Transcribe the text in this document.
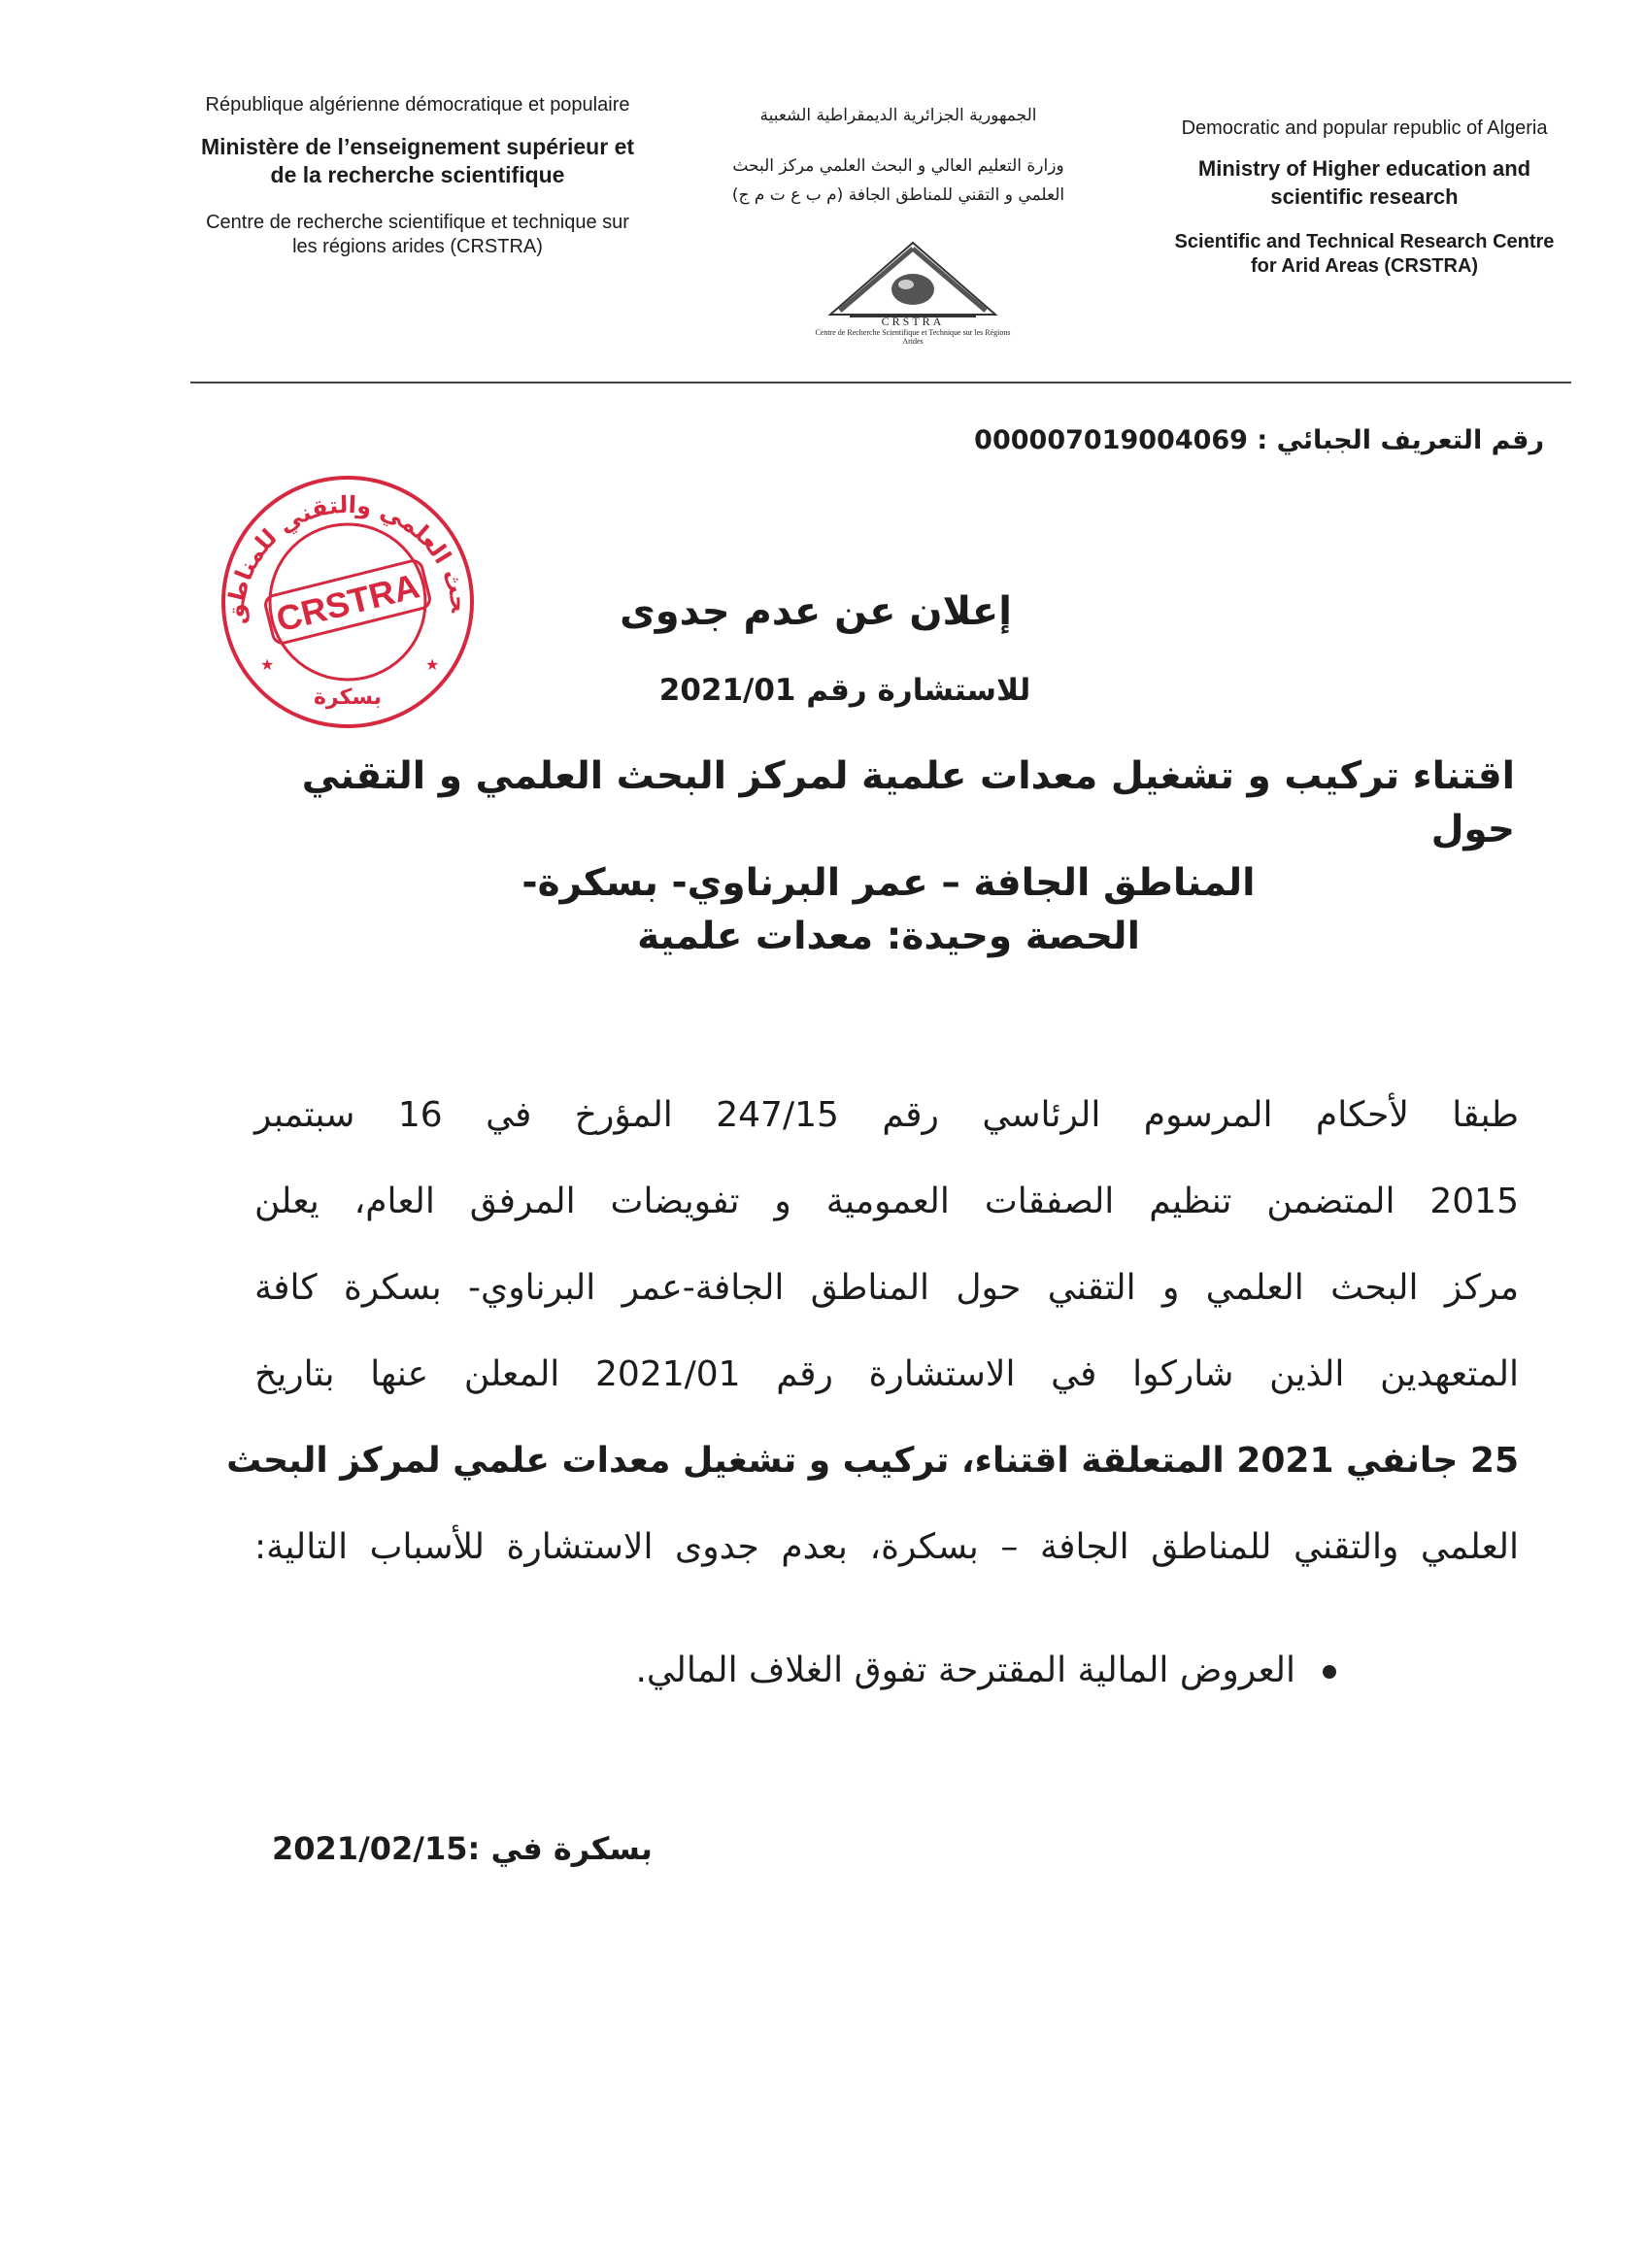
République algérienne démocratique et populaire
Ministère de l’enseignement supérieur et de la recherche scientifique
Centre de recherche scientifique et technique sur les régions arides (CRSTRA)
الجمهورية الجزائرية الديمقراطية الشعبية
وزارة التعليم العالي و البحث العلمي مركز البحث العلمي و التقني للمناطق الجافة (م ب ع ت م ج)
CRSTRA
Centre de Recherche Scientifique et Technique sur les Régions Arides
Democratic and popular republic of Algeria
Ministry of Higher education and scientific research
Scientific and Technical Research Centre for Arid Areas (CRSTRA)
رقم التعريف الجبائي : 000007019004069
حث العلمي والتقني للمناطق
CRSTRA
بسكرة
★	★
إعلان عن عدم جدوى
للاستشارة رقم 2021/01
اقتناء تركيب و تشغيل معدات علمية لمركز البحث العلمي و التقني حول
المناطق الجافة – عمر البرناوي- بسكرة-
الحصة وحيدة: معدات علمية
طبقا لأحكام المرسوم الرئاسي رقم 247/15 المؤرخ في 16 سبتمبر
2015 المتضمن تنظيم الصفقات العمومية و تفويضات المرفق العام، يعلن
مركز البحث العلمي و التقني حول المناطق الجافة-عمر البرناوي- بسكرة كافة
المتعهدين الذين شاركوا في الاستشارة رقم 2021/01 المعلن عنها بتاريخ
25 جانفي 2021 المتعلقة اقتناء، تركيب و تشغيل معدات علمي لمركز البحث
العلمي والتقني للمناطق الجافة – بسكرة، بعدم جدوى الاستشارة للأسباب التالية:
العروض المالية المقترحة تفوق الغلاف المالي.
بسكرة في :2021/02/15
